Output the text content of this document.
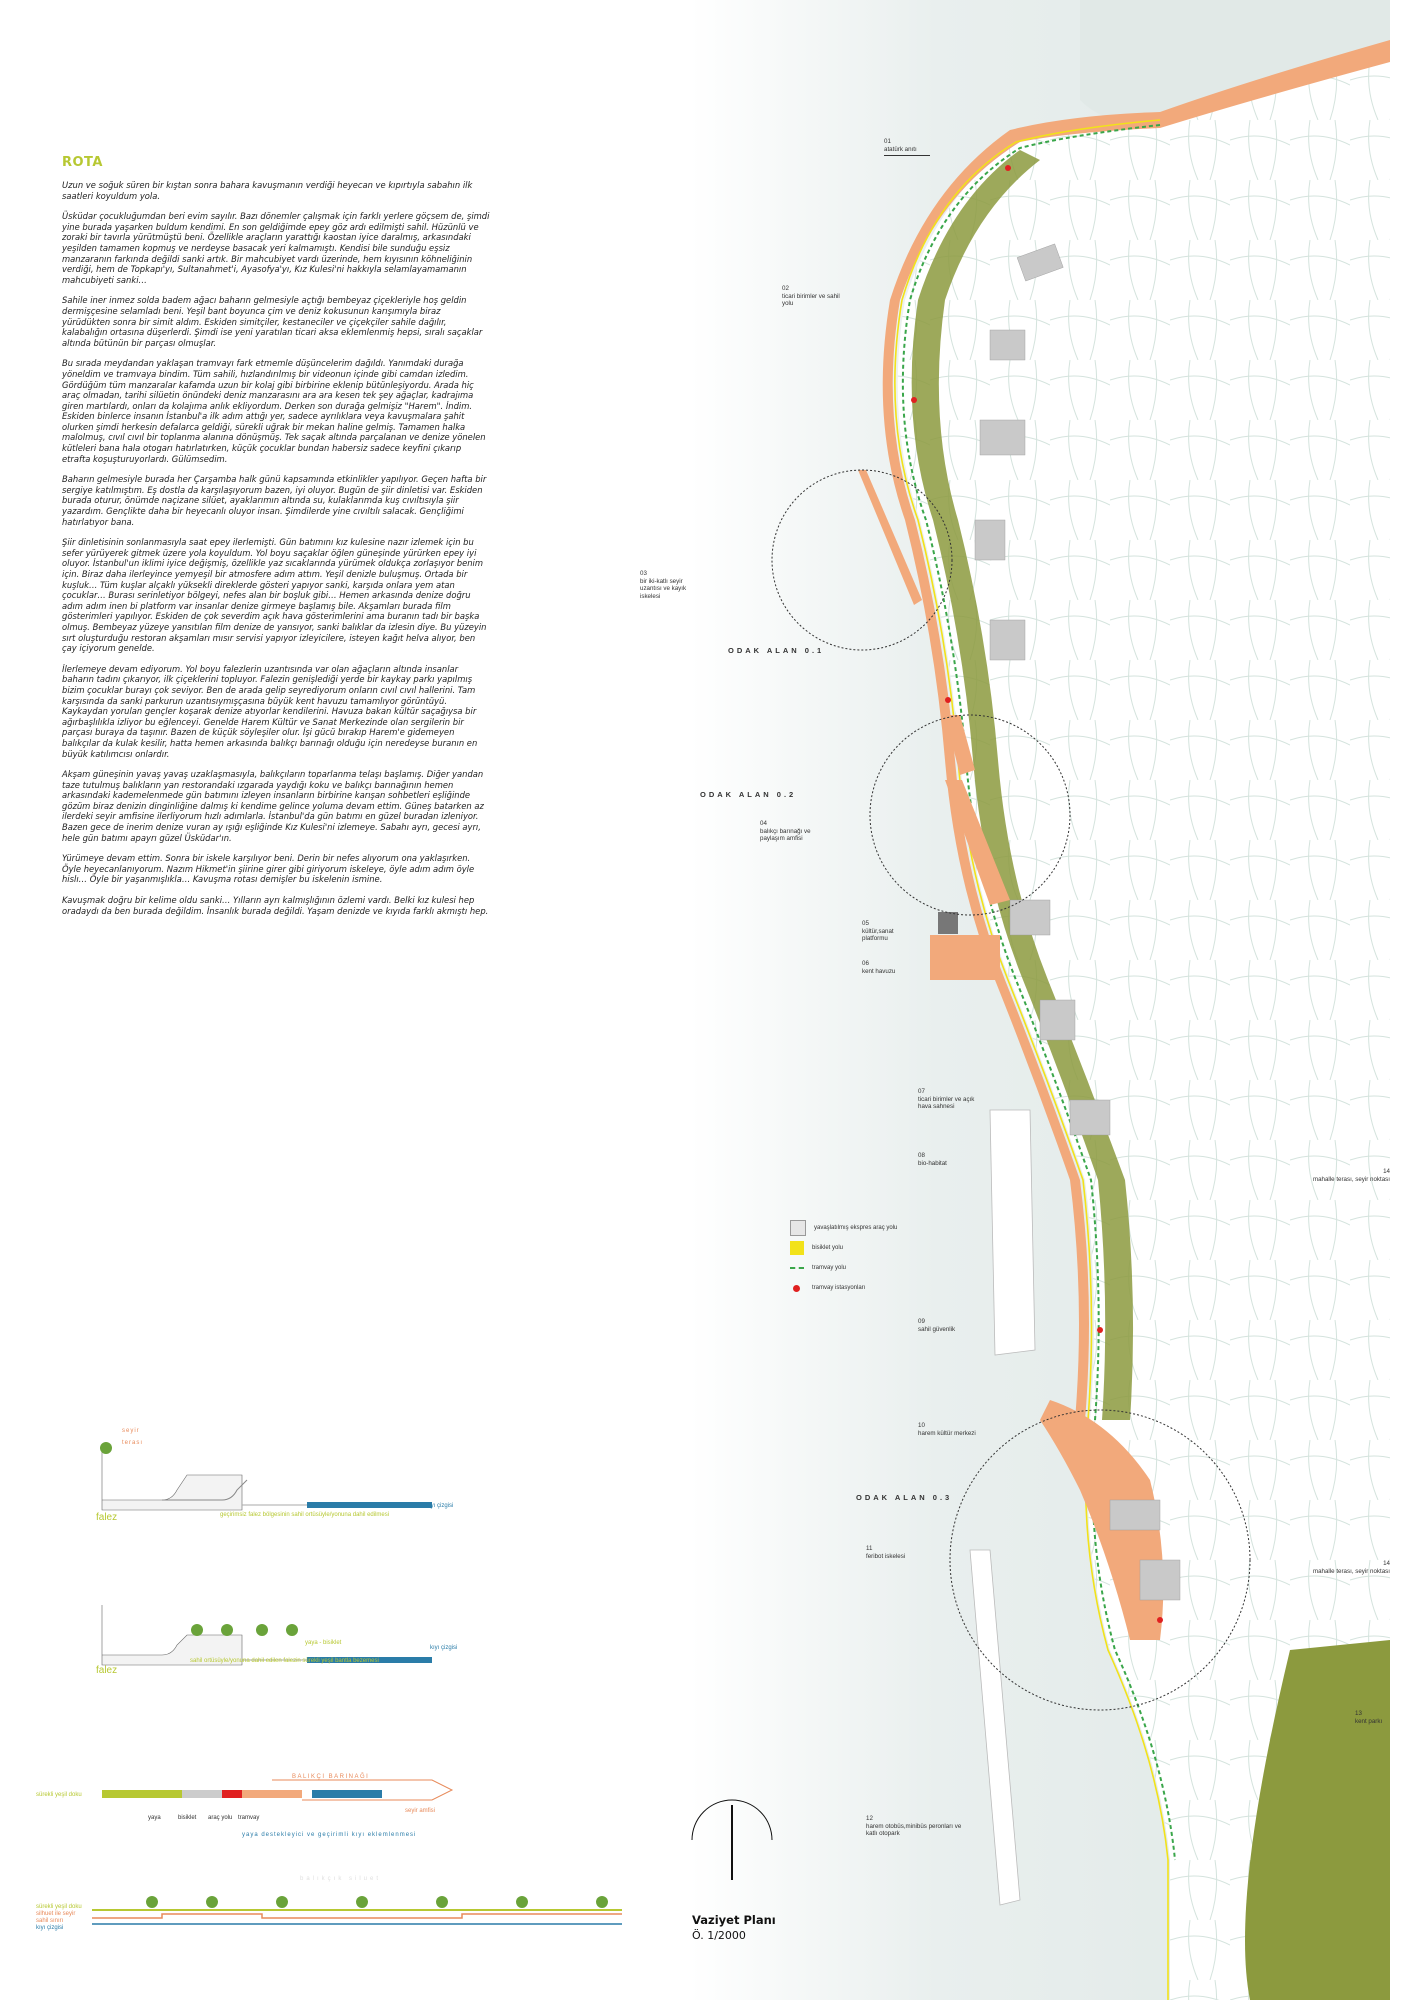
ROTA

Uzun ve soğuk süren bir kıştan sonra bahara kavuşmanın verdiği heyecan ve kıpırtıyla sabahın ilk saatleri koyuldum yola.

Üsküdar çocukluğumdan beri evim sayılır. Bazı dönemler çalışmak için farklı yerlere göçsem de, şimdi yine burada yaşarken buldum kendimi. En son geldiğimde epey göz ardı edilmişti sahil. Hüzünlü ve zoraki bir tavırla yürütmüştü beni. Özellikle araçların yarattığı kaostan iyice daralmış, arkasındaki yeşilden tamamen kopmuş ve nerdeyse basacak yeri kalmamıştı. Kendisi bile sunduğu eşsiz manzaranın farkında değildi sanki artık. Bir mahcubiyet vardı üzerinde, hem kıyısının köhneliğinin verdiği, hem de Topkapı'yı, Sultanahmet'i, Ayasofya'yı, Kız Kulesi'ni hakkıyla selamlayamamanın mahcubiyeti sanki…

Sahile iner inmez solda badem ağacı baharın gelmesiyle açtığı bembeyaz çiçekleriyle hoş geldin dermişçesine selamladı beni. Yeşil bant boyunca çim ve deniz kokusunun karışımıyla biraz yürüdükten sonra bir simit aldım. Eskiden simitçiler, kestaneciler ve çiçekçiler sahile dağılır, kalabalığın ortasına düşerlerdi. Şimdi ise yeni yaratılan ticari aksa eklemlenmiş hepsi, sıralı saçaklar altında bütünün bir parçası olmuşlar.

Bu sırada meydandan yaklaşan tramvayı fark etmemle düşüncelerim dağıldı. Yanımdaki durağa yöneldim ve tramvaya bindim. Tüm sahili, hızlandırılmış bir videonun içinde gibi camdan izledim. Gördüğüm tüm manzaralar kafamda uzun bir kolaj gibi birbirine eklenip bütünleşiyordu. Arada hiç araç olmadan, tarihi silüetin önündeki deniz manzarasını ara ara kesen tek şey ağaçlar, kadrajıma giren martılardı, onları da kolajıma anlık ekliyordum. Derken son durağa gelmişiz "Harem". İndim. Eskiden binlerce insanın İstanbul'a ilk adım attığı yer, sadece ayrılıklara veya kavuşmalara şahit olurken şimdi herkesin defalarca geldiği, sürekli uğrak bir mekan haline gelmiş. Tamamen halka malolmuş, cıvıl cıvıl bir toplanma alanına dönüşmüş. Tek saçak altında parçalanan ve denize yönelen kütleleri bana hala otogarı hatırlatırken, küçük çocuklar bundan habersiz sadece keyfini çıkarıp etrafta koşuşturuyorlardı. Gülümsedim.

Baharın gelmesiyle burada her Çarşamba halk günü kapsamında etkinlikler yapılıyor. Geçen hafta bir sergiye katılmıştım. Eş dostla da karşılaşıyorum bazen, iyi oluyor. Bugün de şiir dinletisi var. Eskiden burada oturur, önümde naçizane silüet, ayaklarımın altında su, kulaklarımda kuş cıvıltısıyla şiir yazardım. Gençlikte daha bir heyecanlı oluyor insan. Şimdilerde yine cıvıltılı salacak. Gençliğimi hatırlatıyor bana.

Şiir dinletisinin sonlanmasıyla saat epey ilerlemişti. Gün batımını kız kulesine nazır izlemek için bu sefer yürüyerek gitmek üzere yola koyuldum. Yol boyu saçaklar öğlen güneşinde yürürken epey iyi oluyor. İstanbul'un iklimi iyice değişmiş, özellikle yaz sıcaklarında yürümek oldukça zorlaşıyor benim için. Biraz daha ilerleyince yemyeşil bir atmosfere adım attım. Yeşil denizle buluşmuş. Ortada bir kuşluk… Tüm kuşlar alçaklı yüksekli direklerde gösteri yapıyor sanki, karşıda onlara yem atan çocuklar… Burası serinletiyor bölgeyi, nefes alan bir boşluk gibi… Hemen arkasında denize doğru adım adım inen bi platform var insanlar denize girmeye başlamış bile. Akşamları burada film gösterimleri yapılıyor. Eskiden de çok severdim açık hava gösterimlerini ama buranın tadı bir başka olmuş. Bembeyaz yüzeye yansıtılan film denize de yansıyor, sanki balıklar da izlesin diye. Bu yüzeyin sırt oluşturduğu restoran akşamları mısır servisi yapıyor izleyicilere, isteyen kağıt helva alıyor, ben çay içiyorum genelde.

İlerlemeye devam ediyorum. Yol boyu falezlerin uzantısında var olan ağaçların altında insanlar baharın tadını çıkarıyor, ilk çiçeklerini topluyor. Falezin genişlediği yerde bir kaykay parkı yapılmış bizim çocuklar burayı çok seviyor. Ben de arada gelip seyrediyorum onların cıvıl cıvıl hallerini. Tam karşısında da sanki parkurun uzantısıymışçasına büyük kent havuzu tamamlıyor görüntüyü. Kaykaydan yorulan gençler koşarak denize atıyorlar kendilerini. Havuza bakan kültür saçağıysa bir ağırbaşlılıkla izliyor bu eğlenceyi. Genelde Harem Kültür ve Sanat Merkezinde olan sergilerin bir parçası buraya da taşınır. Bazen de küçük söyleşiler olur. İşi gücü bırakıp Harem'e gidemeyen balıkçılar da kulak kesilir, hatta hemen arkasında balıkçı barınağı olduğu için neredeyse buranın en büyük katılımcısı onlardır.

Akşam güneşinin yavaş yavaş uzaklaşmasıyla, balıkçıların toparlanma telaşı başlamış. Diğer yandan taze tutulmuş balıkların yan restorandaki ızgarada yaydığı koku ve balıkçı barınağının hemen arkasındaki kademelenmede gün batımını izleyen insanların birbirine karışan sohbetleri eşliğinde gözüm biraz denizin dinginliğine dalmış ki kendime gelince yoluma devam ettim. Güneş batarken az ilerdeki seyir amfisine ilerliyorum hızlı adımlarla. İstanbul'da gün batımı en güzel buradan izleniyor. Bazen gece de inerim denize vuran ay ışığı eşliğinde Kız Kulesi'ni izlemeye. Sabahı ayrı, gecesi ayrı, hele gün batımı apayrı güzel Üsküdar'ın.

Yürümeye devam ettim. Sonra bir iskele karşılıyor beni. Derin bir nefes alıyorum ona yaklaşırken. Öyle heyecanlanıyorum. Nazım Hikmet'in şiirine girer gibi giriyorum iskeleye, öyle adım adım öyle hislı… Öyle bir yaşanmışlıkla… Kavuşma rotası demişler bu iskelenin ismine.

Kavuşmak doğru bir kelime oldu sanki… Yılların ayrı kalmışlığının özlemi vardı. Belki kız kulesi hep oradaydı da ben burada değildim. İnsanlık burada değildi. Yaşam denizde ve kıyıda farklı akmıştı hep.

01
atatürk anıtı
02
ticari birimler ve sahil yolu
03
bir iki-katlı seyir uzantısı ve kayık iskelesi
04
balıkçı barınağı ve paylaşım amfisi
05
kültür,sanat platformu
06
kent havuzu
07
ticari birimler ve açık hava sahnesi
08
bio-habitat
09
sahil güvenlik
10
harem kültür merkezi
11
feribot iskelesi
12
harem otobüs,minibüs peronları ve katlı otopark
13
kent parkı
14
mahalle terası, seyir noktası
14
mahalle terası, seyir noktası
ODAK ALAN 0.1
ODAK ALAN 0.2
ODAK ALAN 0.3
yavaşlatılmış ekspres araç yolu
bisiklet yolu
tramvay yolu
tramvay istasyonları
seyir
terası
falez
kıyı çizgisi
geçirimsiz falez bölgesinin sahil ortüsüyle/yonuna dahil edilmesi
falez
yaya - bisiklet
kıyı çizgisi
sahil ortüsüyle/yonuna dahil edilen falezin sürekli yeşil bantla bezemesi
BALIKÇI BARINAĞI
sürekli yeşil doku
seyir amfisi
yaya	bisiklet araç yolu tramvay
yaya destekleyici ve geçirimli kıyı eklemlenmesi
balıkçık siluet
sürekli yeşil doku
silhuet ile seyir
sahil sınırı
kıyı çizgisi
Vaziyet Planı
Ö. 1/2000
